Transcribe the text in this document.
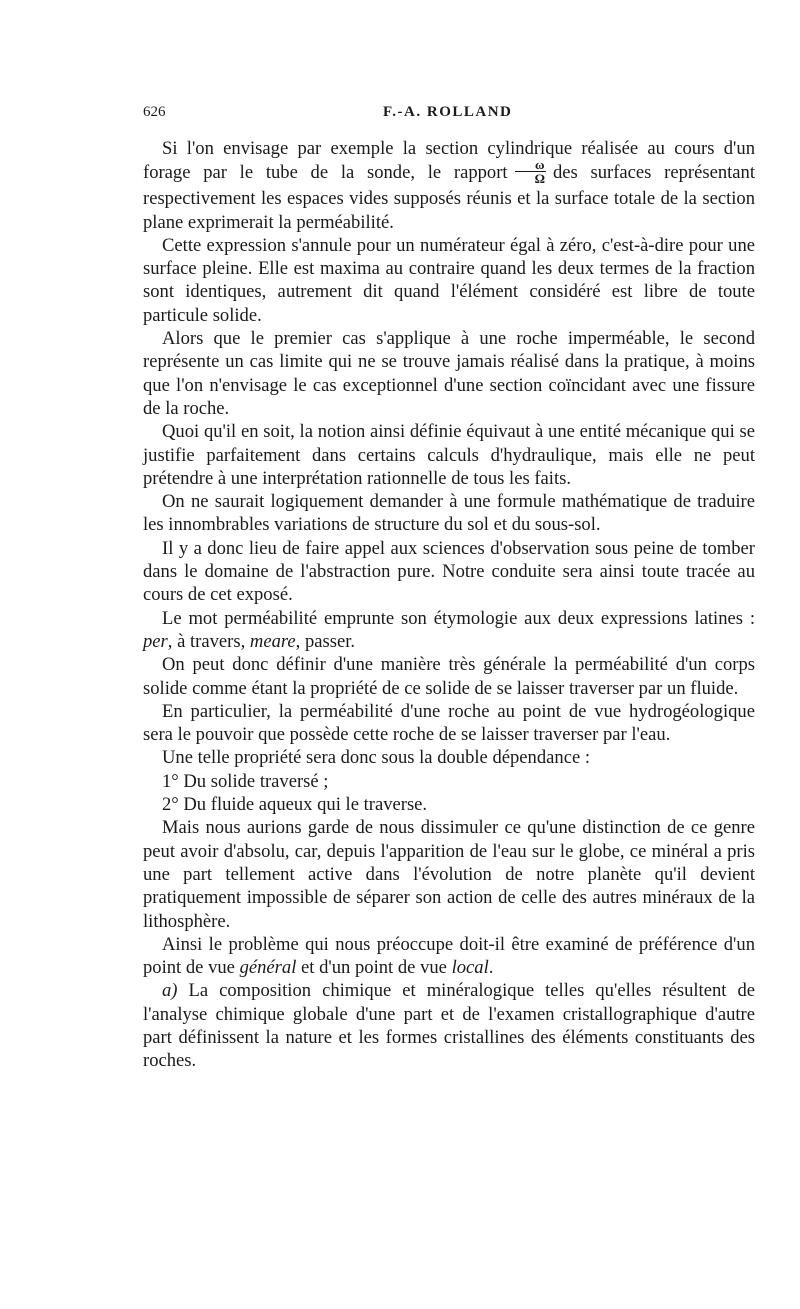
626	F.-A. ROLLAND

Si l'on envisage par exemple la section cylindrique réalisée au cours d'un forage par le tube de la sonde, le rapport $\frac{\omega}{\Omega}$ des surfaces représentant respectivement les espaces vides supposés réunis et la surface totale de la section plane exprimerait la perméabilité.

Cette expression s'annule pour un numérateur égal à zéro, c'est-à-dire pour une surface pleine. Elle est maxima au contraire quand les deux termes de la fraction sont identiques, autrement dit quand l'élément considéré est libre de toute particule solide.

Alors que le premier cas s'applique à une roche imperméable, le second représente un cas limite qui ne se trouve jamais réalisé dans la pratique, à moins que l'on n'envisage le cas exceptionnel d'une section coïncidant avec une fissure de la roche.

Quoi qu'il en soit, la notion ainsi définie équivaut à une entité mécanique qui se justifie parfaitement dans certains calculs d'hydraulique, mais elle ne peut prétendre à une interprétation rationnelle de tous les faits.

On ne saurait logiquement demander à une formule mathématique de traduire les innombrables variations de structure du sol et du sous-sol.

Il y a donc lieu de faire appel aux sciences d'observation sous peine de tomber dans le domaine de l'abstraction pure. Notre conduite sera ainsi toute tracée au cours de cet exposé.

Le mot perméabilité emprunte son étymologie aux deux expressions latines : per, à travers, meare, passer.

On peut donc définir d'une manière très générale la perméabilité d'un corps solide comme étant la propriété de ce solide de se laisser traverser par un fluide.

En particulier, la perméabilité d'une roche au point de vue hydrogéologique sera le pouvoir que possède cette roche de se laisser traverser par l'eau.

Une telle propriété sera donc sous la double dépendance :

1° Du solide traversé ;

2° Du fluide aqueux qui le traverse.

Mais nous aurions garde de nous dissimuler ce qu'une distinction de ce genre peut avoir d'absolu, car, depuis l'apparition de l'eau sur le globe, ce minéral a pris une part tellement active dans l'évolution de notre planète qu'il devient pratiquement impossible de séparer son action de celle des autres minéraux de la lithosphère.

Ainsi le problème qui nous préoccupe doit-il être examiné de préférence d'un point de vue général et d'un point de vue local.

a) La composition chimique et minéralogique telles qu'elles résultent de l'analyse chimique globale d'une part et de l'examen cristallographique d'autre part définissent la nature et les formes cristallines des éléments constituants des roches.
